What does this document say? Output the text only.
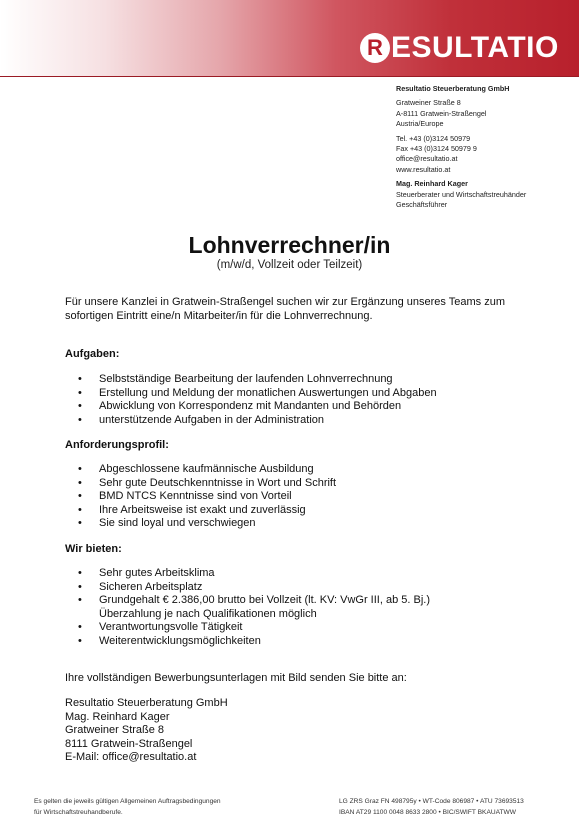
R ESULTATIO
Resultatio Steuerberatung GmbH
Gratweiner Straße 8
A-8111 Gratwein-Straßengel
Austria/Europe
Tel. +43 (0)3124 50979
Fax +43 (0)3124 50979 9
office@resultatio.at
www.resultatio.at
Mag. Reinhard Kager
Steuerberater und Wirtschaftstreuhänder
Geschäftsführer
Lohnverrechner/in
(m/w/d, Vollzeit oder Teilzeit)
Für unsere Kanzlei in Gratwein-Straßengel suchen wir zur Ergänzung unseres Teams zum sofortigen Eintritt eine/n Mitarbeiter/in für die Lohnverrechnung.
Aufgaben:
• Selbstständige Bearbeitung der laufenden Lohnverrechnung
• Erstellung und Meldung der monatlichen Auswertungen und Abgaben
• Abwicklung von Korrespondenz mit Mandanten und Behörden
• unterstützende Aufgaben in der Administration
Anforderungsprofil:
• Abgeschlossene kaufmännische Ausbildung
• Sehr gute Deutschkenntnisse in Wort und Schrift
• BMD NTCS Kenntnisse sind von Vorteil
• Ihre Arbeitsweise ist exakt und zuverlässig
• Sie sind loyal und verschwiegen
Wir bieten:
• Sehr gutes Arbeitsklima
• Sicheren Arbeitsplatz
• Grundgehalt € 2.386,00 brutto bei Vollzeit (lt. KV: VwGr III, ab 5. Bj.)
Überzahlung je nach Qualifikationen möglich
• Verantwortungsvolle Tätigkeit
• Weiterentwicklungsmöglichkeiten
Ihre vollständigen Bewerbungsunterlagen mit Bild senden Sie bitte an:
Resultatio Steuerberatung GmbH
Mag. Reinhard Kager
Gratweiner Straße 8
8111 Gratwein-Straßengel
E-Mail: office@resultatio.at
Es gelten die jeweils gültigen Allgemeinen Auftragsbedingungen
für Wirtschaftstreuhandberufe.
LG ZRS Graz FN 498795y • WT-Code 806987 • ATU 73693513
IBAN AT29 1100 0048 8633 2800 • BIC/SWIFT BKAUATWW
